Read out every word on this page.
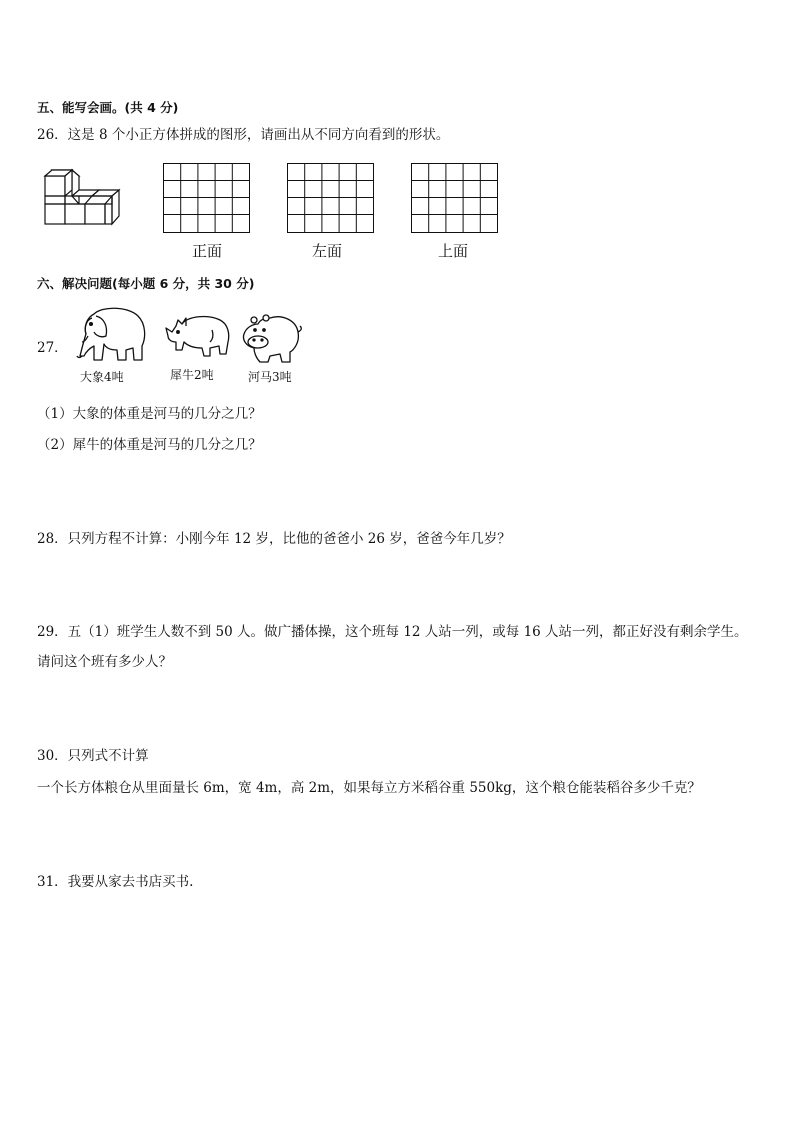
五、能写会画。(共 4 分)
26．这是 8 个小正方体拼成的图形，请画出从不同方向看到的形状。
正面	左面	上面
六、解决问题(每小题 6 分，共 30 分)
27．
大象4吨	犀牛2吨	河马3吨
（1）大象的体重是河马的几分之几？
（2）犀牛的体重是河马的几分之几？
28．只列方程不计算：小刚今年 12 岁，比他的爸爸小 26 岁，爸爸今年几岁？
29．五（1）班学生人数不到 50 人。做广播体操，这个班每 12 人站一列，或每 16 人站一列，都正好没有剩余学生。
请问这个班有多少人？
30．只列式不计算
一个长方体粮仓从里面量长 6m，宽 4m，高 2m，如果每立方米稻谷重 550kg，这个粮仓能装稻谷多少千克？
31．我要从家去书店买书.
